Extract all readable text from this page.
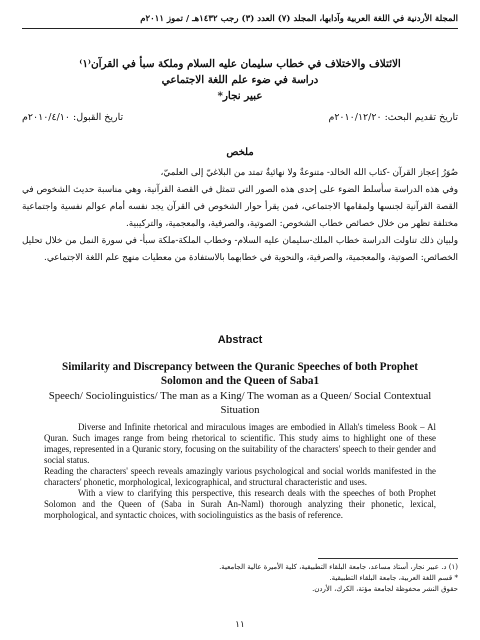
المجلة الأردنية في اللغة العربية وآدابها، المجلد (٧) العدد (٣) رجب ١٤٣٢هـ / تموز ٢٠١١م
الائتلاف والاختلاف في خطاب سليمان عليه السلام وملكة سبأ في القرآن⁽١⁾
دراسة في ضوء علم اللغة الاجتماعي
عبير نجار*
تاريخ القبول: ٢٠١٠/٤/١٠م	تاريخ تقديم البحث: ٢٠١٠/١٢/٢٠م
ملخص

صُوَرُ إعجاز القرآن -كتاب الله الخالد- متنوعةٌ ولا نهائيةٌ تمتد من البلاغيّ إلى العلميّ،

وفي هذه الدراسة سأسلط الضوء على إحدى هذه الصور التي تتمثل في القصة القرآنية، وهي مناسبة حديث الشخوص في القصة القرآنية لجنسها ولمقامها الاجتماعي، فمن يقرأ حوار الشخوص في القرآن يجد نفسه أمام عوالم نفسية واجتماعية مختلفة تظهر من خلال خصائص خطاب الشخوص: الصوتية، والصرفية، والمعجمية، والتركيبية.

ولبيان ذلك تناولت الدراسة خطاب الملك-سليمان عليه السلام- وخطاب الملكة-ملكة سبأ- في سورة النمل من خلال تحليل الخصائص: الصوتية، والمعجمية، والصرفية، والنحوية في خطابهما بالاستفادة من معطيات منهج علم اللغة الاجتماعي.

Abstract
Similarity and Discrepancy between the Quranic Speeches of both Prophet Solomon and the Queen of Saba1
Speech/ Sociolinguistics/ The man as a King/ The woman as a Queen/ Social Contextual Situation

Diverse and Infinite rhetorical and miraculous images are embodied in Allah's timeless Book – Al Quran. Such images range from being rhetorical to scientific. This study aims to highlight one of these images, represented in a Quranic story, focusing on the suitability of the characters' speech to their gender and social status.

Reading the characters' speech reveals amazingly various psychological and social worlds manifested in the characters' phonetic, morphological, lexicographical, and structural characteristic and uses.

With a view to clarifying this perspective, this research deals with the speeches of both Prophet Solomon and the Queen of (Saba in Surah An-Naml) thorough analyzing their phonetic, lexical, morphological, and syntactic choices, with sociolinguistics as the basis of reference.

(١) د. عبير نجار، أستاذ مساعد، جامعة البلقاء التطبيقية، كلية الأميرة عالية الجامعية.
* قسم اللغة العربية، جامعة البلقاء التطبيقية.
حقوق النشر محفوظة لجامعة مؤتة، الكرك، الأردن.
١١
